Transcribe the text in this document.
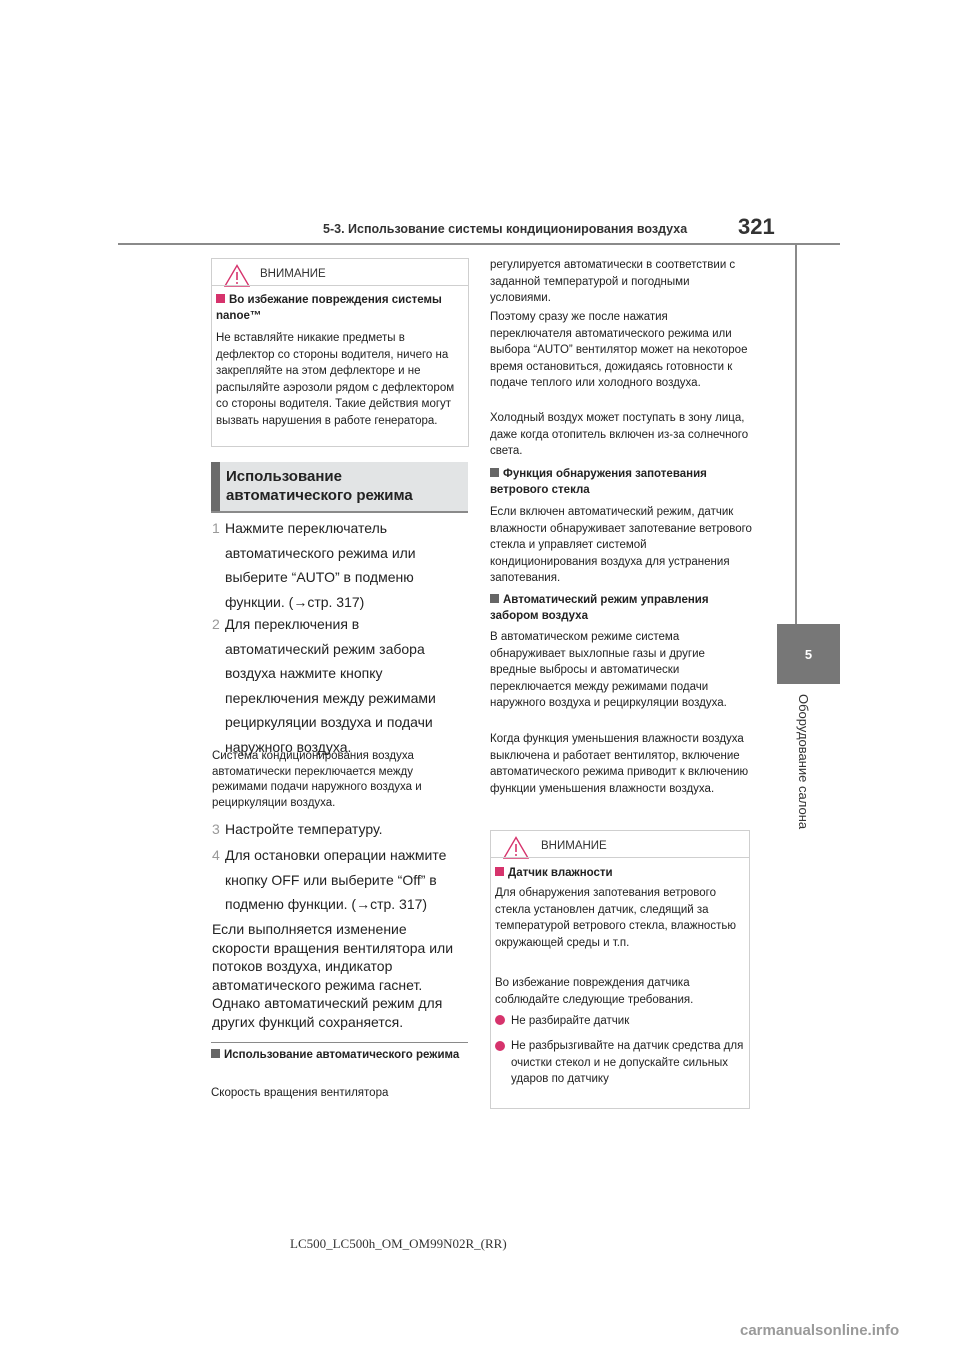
5-3. Использование системы кондиционирования воздуха 321
5
Оборудование салона
ВНИМАНИЕ
Во избежание повреждения системы nanoe™
Не вставляйте никакие предметы в дефлектор со стороны водителя, ничего на закрепляйте на этом дефлекторе и не распыляйте аэрозоли рядом с дефлектором со стороны водителя. Такие действия могут вызвать нарушения в работе генератора.
Использование автоматического режима
1 Нажмите переключатель автоматического режима или выберите “AUTO” в подменю функции. (→стр. 317)
2 Для переключения в автоматический режим забора воздуха нажмите кнопку переключения между режимами рециркуляции воздуха и подачи наружного воздуха.
Система кондиционирования воздуха автоматически переключается между режимами подачи наружного воздуха и рециркуляции воздуха.
3 Настройте температуру.
4 Для остановки операции нажмите кнопку OFF или выберите “Off” в подменю функции. (→стр. 317)
Если выполняется изменение скорости вращения вентилятора или потоков воздуха, индикатор автоматического режима гаснет. Однако автоматический режим для других функций сохраняется.
Использование автоматического режима
Скорость вращения вентилятора
регулируется автоматически в соответствии с заданной температурой и погодными условиями.
Поэтому сразу же после нажатия переключателя автоматического режима или выбора “AUTO” вентилятор может на некоторое время остановиться, дожидаясь готовности к подаче теплого или холодного воздуха.
Холодный воздух может поступать в зону лица, даже когда отопитель включен из-за солнечного света.
Функция обнаружения запотевания ветрового стекла
Если включен автоматический режим, датчик влажности обнаруживает запотевание ветрового стекла и управляет системой кондиционирования воздуха для устранения запотевания.
Автоматический режим управления забором воздуха
В автоматическом режиме система обнаруживает выхлопные газы и другие вредные выбросы и автоматически переключается между режимами подачи наружного воздуха и рециркуляции воздуха.
Когда функция уменьшения влажности воздуха выключена и работает вентилятор, включение автоматического режима приводит к включению функции уменьшения влажности воздуха.
ВНИМАНИЕ
Датчик влажности
Для обнаружения запотевания ветрового стекла установлен датчик, следящий за температурой ветрового стекла, влажностью окружающей среды и т.п.
Во избежание повреждения датчика соблюдайте следующие требования.
Не разбирайте датчик
Не разбрызгивайте на датчик средства для очистки стекол и не допускайте сильных ударов по датчику
LC500_LC500h_OM_OM99N02R_(RR)
carmanualsonline.info
